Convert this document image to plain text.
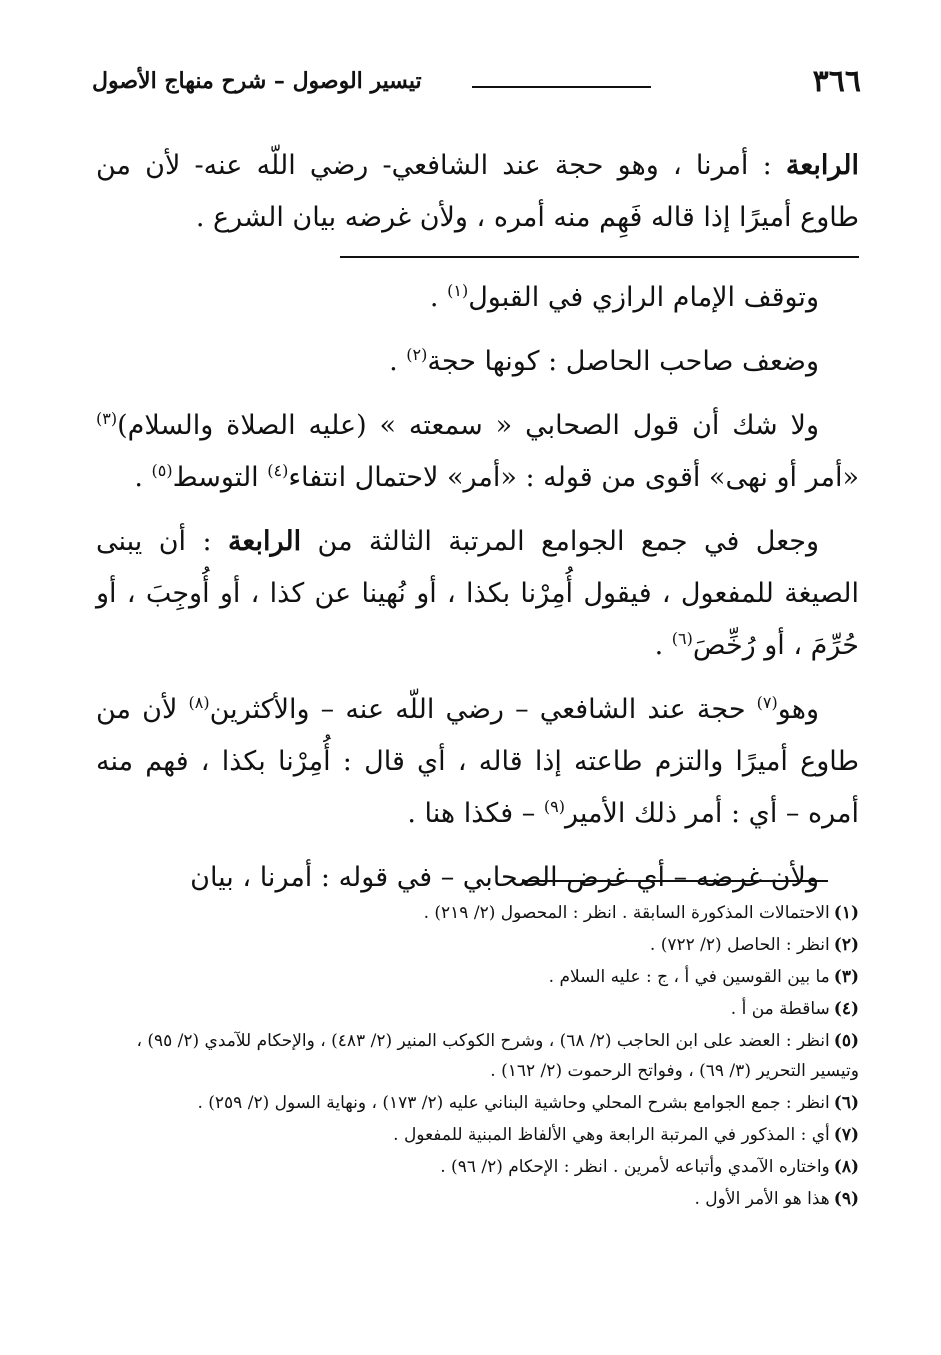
٣٦٦
تيسير الوصول – شرح منهاج الأصول

الرابعة : أمرنا ، وهو حجة عند الشافعي- رضي اللّه عنه- لأن من طاوع أميرًا إذا قاله فَهِم منه أمره ، ولأن غرضه بيان الشرع .

وتوقف الإمام الرازي في القبول$^{(١)}$ .

وضعف صاحب الحاصل : كونها حجة$^{(٢)}$ .

ولا شك أن قول الصحابي « سمعته » (عليه الصلاة والسلام)$^{(٣)}$ «أمر أو نهى» أقوى من قوله : «أمر» لاحتمال انتفاء$^{(٤)}$ التوسط$^{(٥)}$ .

وجعل في جمع الجوامع المرتبة الثالثة من الرابعة : أن يبنى الصيغة للمفعول ، فيقول أُمِرْنا بكذا ، أو نُهينا عن كذا ، أو أُوجِبَ ، أو حُرِّمَ ، أو رُخِّصَ$^{(٦)}$ .

وهو$^{(٧)}$ حجة عند الشافعي – رضي اللّه عنه – والأكثرين$^{(٨)}$ لأن من طاوع أميرًا والتزم طاعته إذا قاله ، أي قال : أُمِرْنا بكذا ، فهم منه أمره – أي : أمر ذلك الأمير$^{(٩)}$ – فكذا هنا .

ولأن غرضه – أي غرض الصحابي – في قوله : أمرنا ، بيان

(١)الاحتمالات المذكورة السابقة . انظر : المحصول (٢/ ٢١٩) .

(٢)انظر : الحاصل (٢/ ٧٢٢) .

(٣)ما بين القوسين في أ ، ج : عليه السلام .

(٤)ساقطة من أ .

(٥)انظر : العضد على ابن الحاجب (٢/ ٦٨) ، وشرح الكوكب المنير (٢/ ٤٨٣) ، والإحكام للآمدي (٢/ ٩٥) ، وتيسير التحرير (٣/ ٦٩) ، وفواتح الرحموت (٢/ ١٦٢) .

(٦)انظر : جمع الجوامع بشرح المحلي وحاشية البناني عليه (٢/ ١٧٣) ، ونهاية السول (٢/ ٢٥٩) .

(٧)أي : المذكور في المرتبة الرابعة وهي الألفاظ المبنية للمفعول .

(٨)واختاره الآمدي وأتباعه لأمرين . انظر : الإحكام (٢/ ٩٦) .

(٩)هذا هو الأمر الأول .
